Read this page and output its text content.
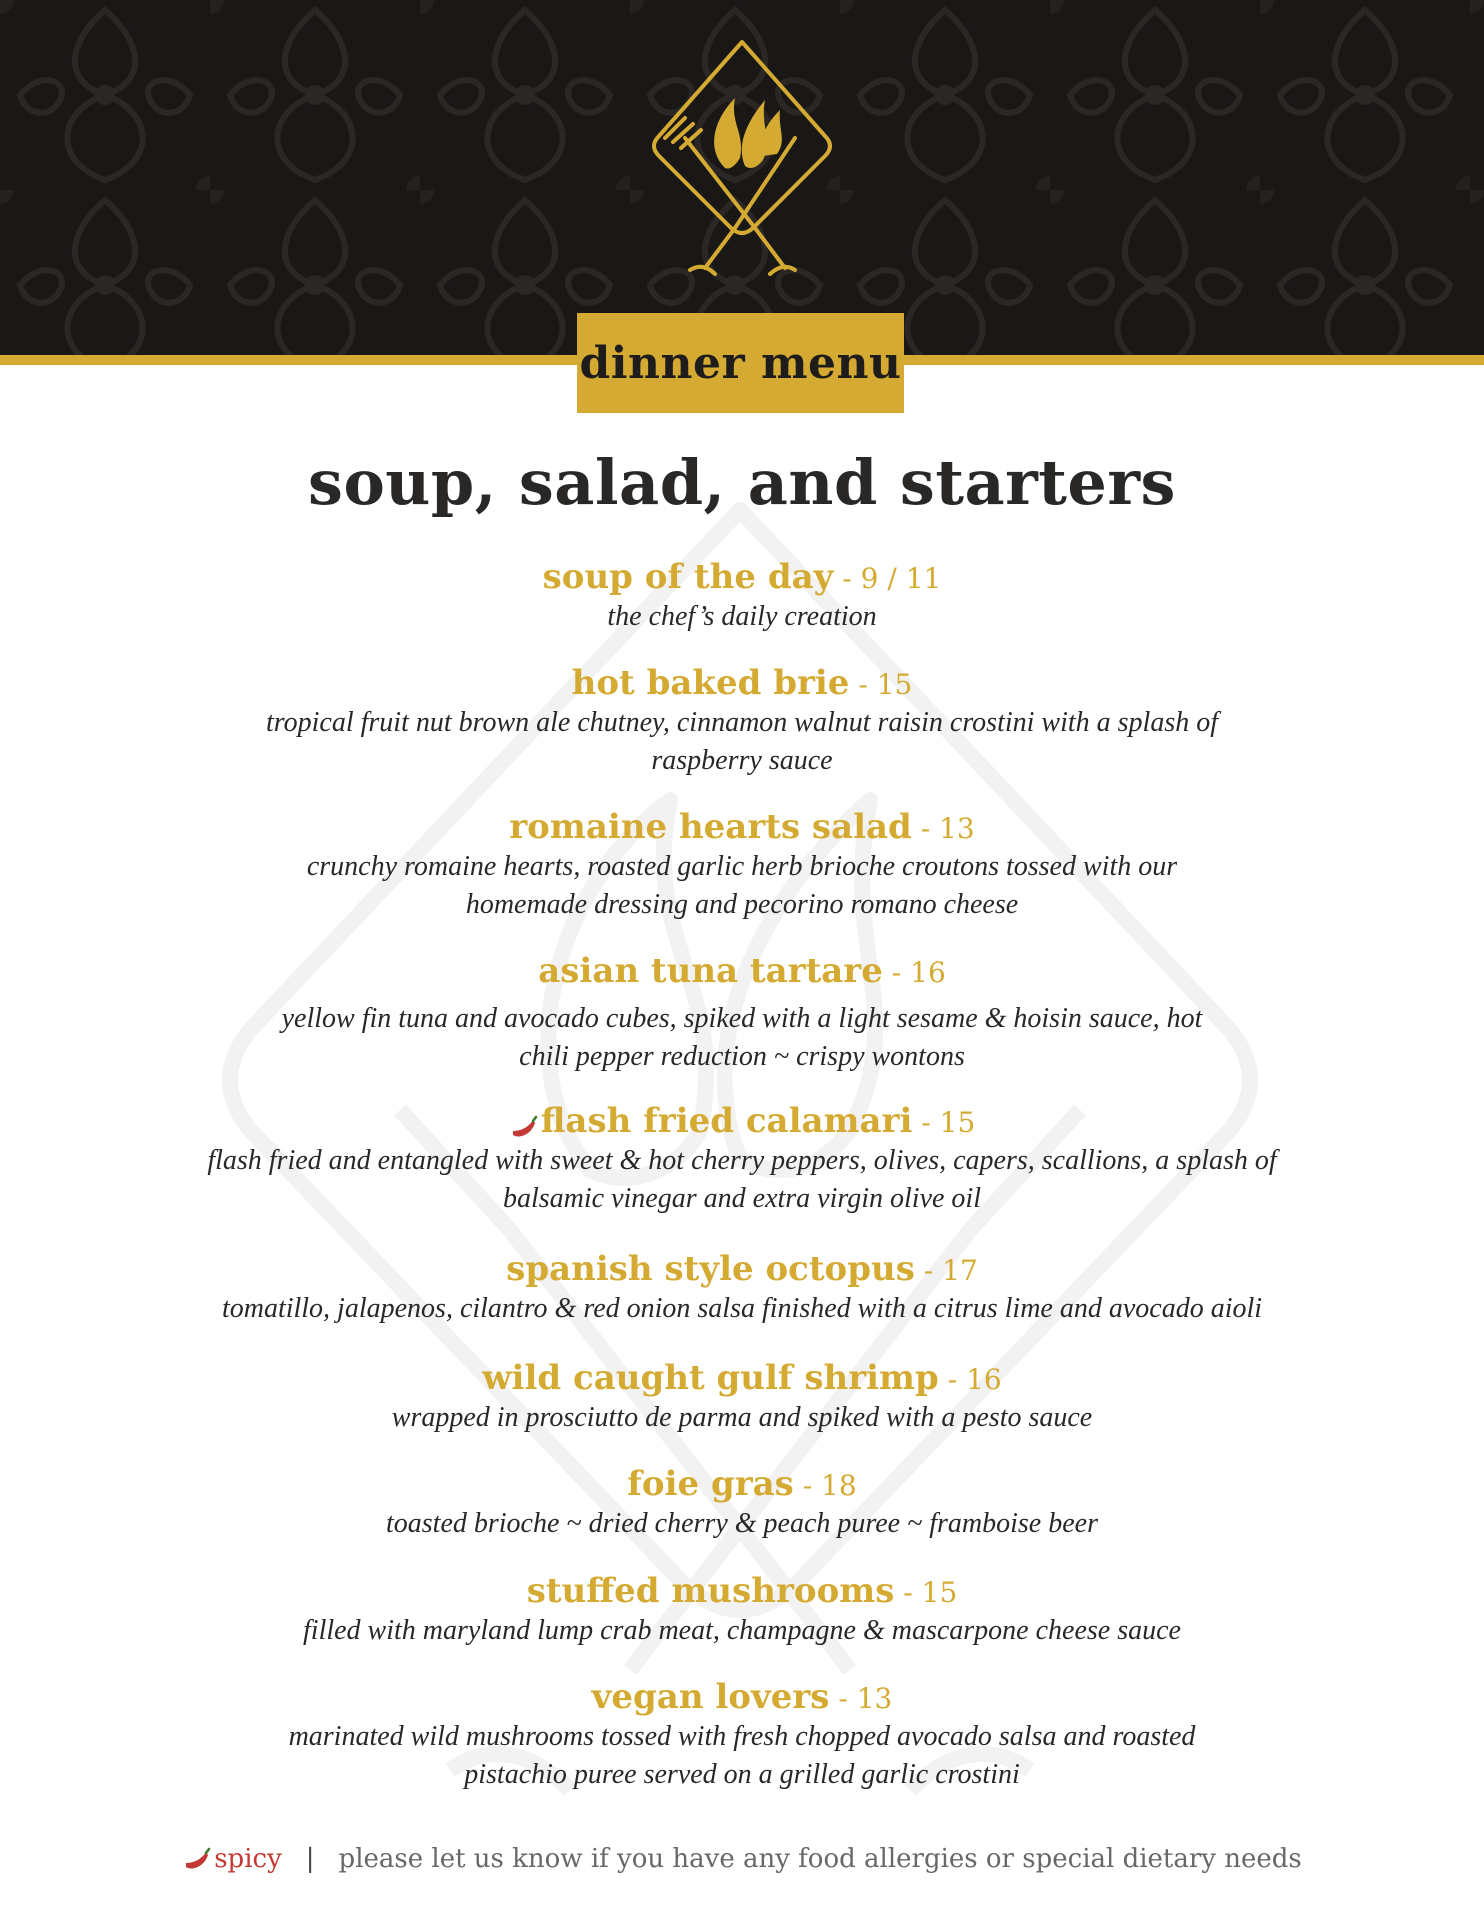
dinner menu
soup, salad, and starters
soup of the day - 9 / 11
the chef’s daily creation
hot baked brie - 15
tropical fruit nut brown ale chutney, cinnamon walnut raisin crostini with a splash of raspberry sauce
romaine hearts salad - 13
crunchy romaine hearts, roasted garlic herb brioche croutons tossed with our homemade dressing and pecorino romano cheese
asian tuna tartare - 16
yellow fin tuna and avocado cubes, spiked with a light sesame & hoisin sauce, hot chili pepper reduction ~ crispy wontons
flash fried calamari - 15
flash fried and entangled with sweet & hot cherry peppers, olives, capers, scallions, a splash of balsamic vinegar and extra virgin olive oil
spanish style octopus - 17
tomatillo, jalapenos, cilantro & red onion salsa finished with a citrus lime and avocado aioli
wild caught gulf shrimp - 16
wrapped in prosciutto de parma and spiked with a pesto sauce
foie gras - 18
toasted brioche ~ dried cherry & peach puree ~ framboise beer
stuffed mushrooms - 15
filled with maryland lump crab meat, champagne & mascarpone cheese sauce
vegan lovers - 13
marinated wild mushrooms tossed with fresh chopped avocado salsa and roasted pistachio puree served on a grilled garlic crostini
spicy | please let us know if you have any food allergies or special dietary needs
